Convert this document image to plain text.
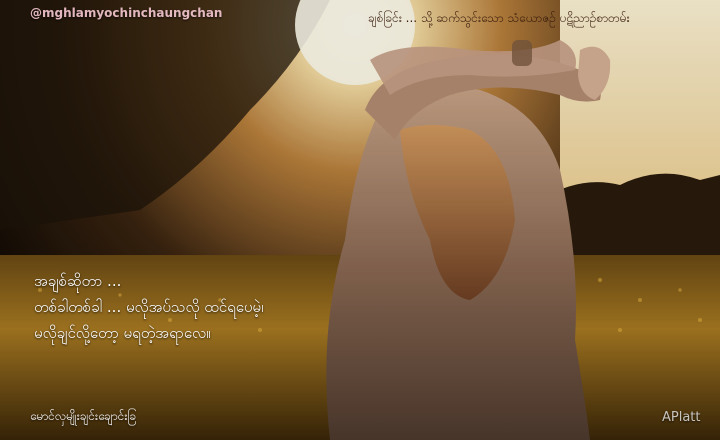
@mghlamyochinchaungchan	ချစ်ခြင်း ... သို့ ဆက်သွင်းသော သံယောဇဉ် ပဋိညာဉ်စာတမ်း
အချစ်ဆိုတာ ...
တစ်ခါတစ်ခါ ... မလိုအပ်သလို ထင်ရပေမဲ့၊
မလိုချင်လို့တော့ မရတဲ့အရာလေ။
မောင်လှမျိုးချင်းချောင်းခြ	APlatt
